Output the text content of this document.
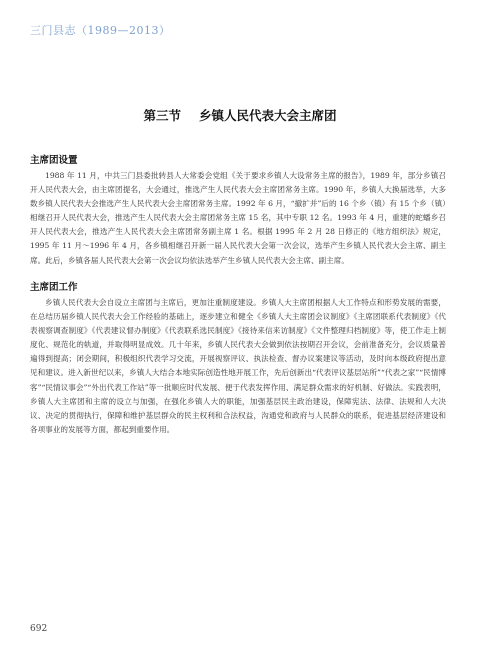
三门县志（1989—2013）
第三节 乡镇人民代表大会主席团
主席团设置

1988 年 11 月，中共三门县委批转县人大常委会党组《关于要求乡镇人大设常务主席的报告》，1989 年，部分乡镇召开人民代表大会，由主席团提名，大会通过，推选产生人民代表大会主席团常务主席。1990 年，乡镇人大换届选举，大多数乡镇人民代表大会推选产生人民代表大会主席团常务主席。1992 年 6 月，“撤扩并”后的 16 个乡（镇）有 15 个乡（镇）相继召开人民代表大会，推选产生人民代表大会主席团常务主席 15 名，其中专职 12 名。1993 年 4 月，重建的蛇蟠乡召开人民代表大会，推选产生人民代表大会主席团常务副主席 1 名。根据 1995 年 2 月 28 日修正的《地方组织法》规定，1995 年 11 月～1996 年 4 月，各乡镇相继召开新一届人民代表大会第一次会议，选举产生乡镇人民代表大会主席、副主席。此后，乡镇各届人民代表大会第一次会议均依法选举产生乡镇人民代表大会主席、副主席。

主席团工作

乡镇人民代表大会自设立主席团与主席后，更加注重制度建设。乡镇人大主席团根据人大工作特点和形势发展的需要，在总结历届乡镇人民代表大会工作经验的基础上，逐步建立和健全《乡镇人大主席团会议制度》《主席团联系代表制度》《代表视察调查制度》《代表建议督办制度》《代表联系选民制度》《接待来信来访制度》《文件整理归档制度》等，使工作走上制度化、规范化的轨道，并取得明显成效。几十年来，乡镇人民代表大会做到依法按期召开会议，会前准备充分，会议质量普遍得到提高；闭会期间，积极组织代表学习交流，开展视察评议、执法检查、督办议案建议等活动，及时向本级政府提出意见和建议。进入新世纪以来，乡镇人大结合本地实际创造性地开展工作，先后创新出“代表评议基层站所”“代表之家”“民情博客”“民情议事会”“外出代表工作站”等一批顺应时代发展、便于代表发挥作用、满足群众需求的好机制、好做法。实践表明，乡镇人大主席团和主席的设立与加强，在强化乡镇人大的职能，加强基层民主政治建设，保障宪法、法律、法规和人大决议、决定的贯彻执行，保障和维护基层群众的民主权利和合法权益，沟通党和政府与人民群众的联系，促进基层经济建设和各项事业的发展等方面，都起到重要作用。

692
